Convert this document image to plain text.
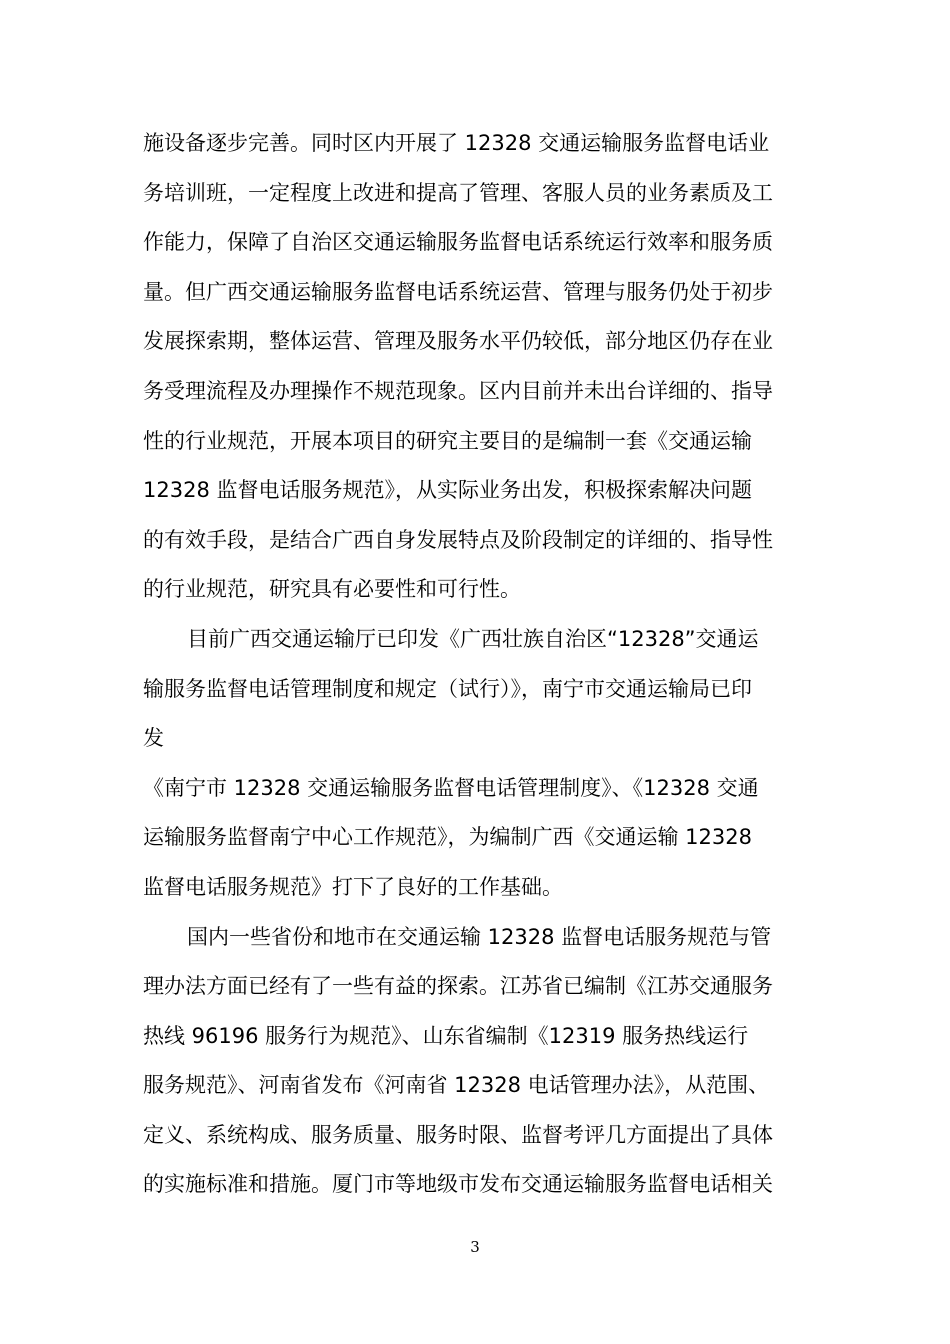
施设备逐步完善。同时区内开展了 12328 交通运输服务监督电话业
务培训班，一定程度上改进和提高了管理、客服人员的业务素质及工
作能力，保障了自治区交通运输服务监督电话系统运行效率和服务质
量。但广西交通运输服务监督电话系统运营、管理与服务仍处于初步
发展探索期，整体运营、管理及服务水平仍较低，部分地区仍存在业
务受理流程及办理操作不规范现象。区内目前并未出台详细的、指导
性的行业规范，开展本项目的研究主要目的是编制一套《交通运输
12328 监督电话服务规范》，从实际业务出发，积极探索解决问题
的有效手段，是结合广西自身发展特点及阶段制定的详细的、指导性
的行业规范，研究具有必要性和可行性。
目前广西交通运输厅已印发《广西壮族自治区“12328”交通运
输服务监督电话管理制度和规定（试行）》，南宁市交通运输局已印
发
《南宁市 12328 交通运输服务监督电话管理制度》、《12328 交通
运输服务监督南宁中心工作规范》，为编制广西《交通运输 12328
监督电话服务规范》打下了良好的工作基础。
国内一些省份和地市在交通运输 12328 监督电话服务规范与管
理办法方面已经有了一些有益的探索。江苏省已编制《江苏交通服务
热线 96196 服务行为规范》、山东省编制《12319 服务热线运行
服务规范》、河南省发布《河南省 12328 电话管理办法》，从范围、
定义、系统构成、服务质量、服务时限、监督考评几方面提出了具体
的实施标准和措施。厦门市等地级市发布交通运输服务监督电话相关
3
